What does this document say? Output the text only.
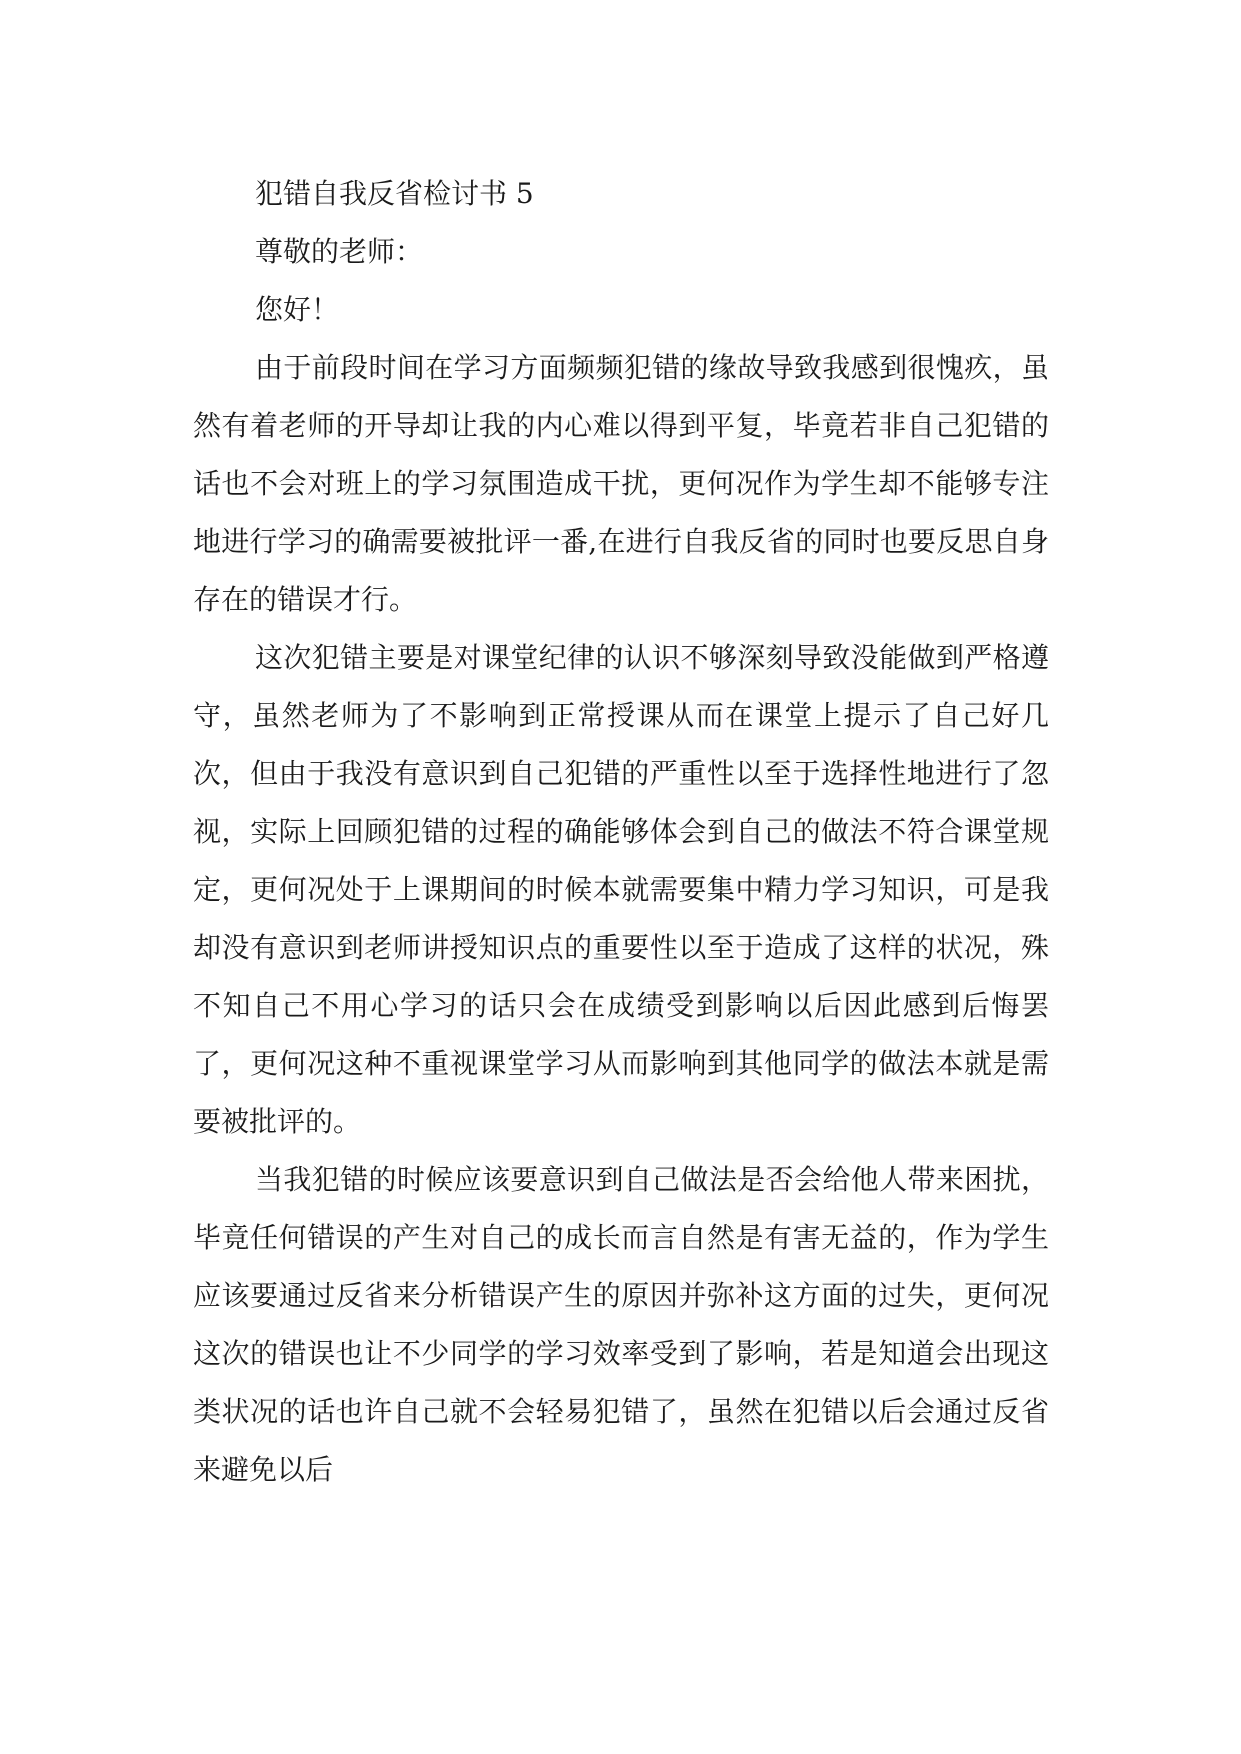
犯错自我反省检讨书 5

尊敬的老师：

您好！

由于前段时间在学习方面频频犯错的缘故导致我感到很愧疚，虽然有着老师的开导却让我的内心难以得到平复，毕竟若非自己犯错的话也不会对班上的学习氛围造成干扰，更何况作为学生却不能够专注地进行学习的确需要被批评一番,在进行自我反省的同时也要反思自身存在的错误才行。

这次犯错主要是对课堂纪律的认识不够深刻导致没能做到严格遵守，虽然老师为了不影响到正常授课从而在课堂上提示了自己好几次，但由于我没有意识到自己犯错的严重性以至于选择性地进行了忽视，实际上回顾犯错的过程的确能够体会到自己的做法不符合课堂规定，更何况处于上课期间的时候本就需要集中精力学习知识，可是我却没有意识到老师讲授知识点的重要性以至于造成了这样的状况，殊不知自己不用心学习的话只会在成绩受到影响以后因此感到后悔罢了，更何况这种不重视课堂学习从而影响到其他同学的做法本就是需要被批评的。

当我犯错的时候应该要意识到自己做法是否会给他人带来困扰，毕竟任何错误的产生对自己的成长而言自然是有害无益的，作为学生应该要通过反省来分析错误产生的原因并弥补这方面的过失，更何况这次的错误也让不少同学的学习效率受到了影响，若是知道会出现这类状况的话也许自己就不会轻易犯错了，虽然在犯错以后会通过反省来避免以后
